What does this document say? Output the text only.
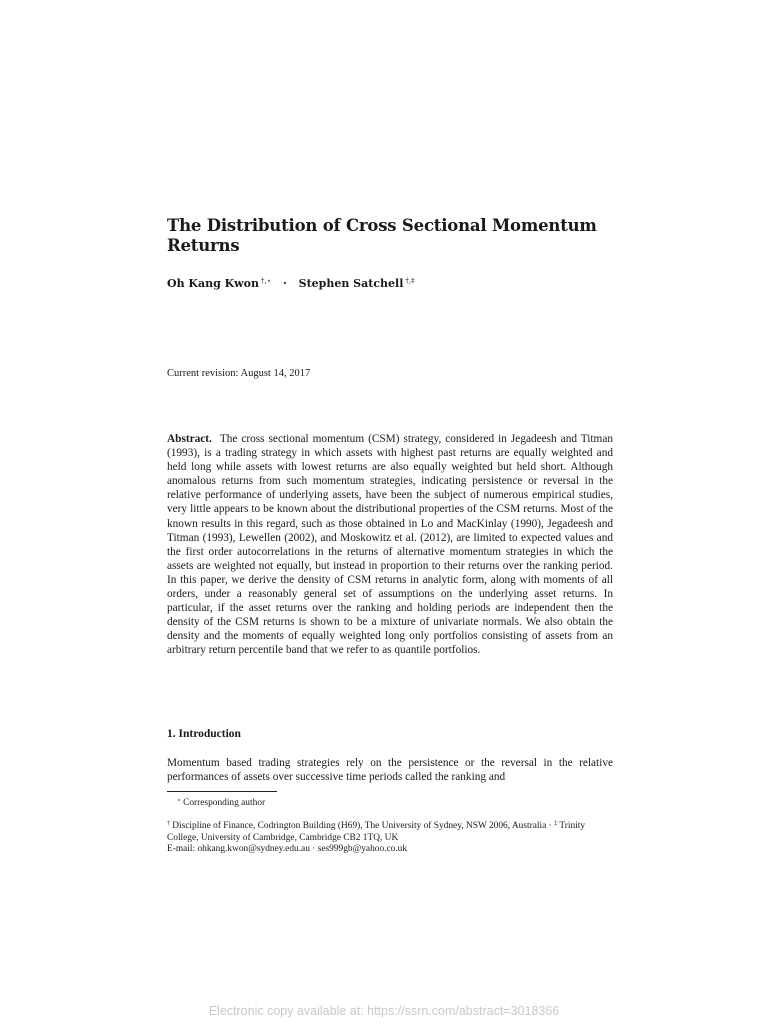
The Distribution of Cross Sectional Momentum Returns
Oh Kang Kwon †,⋆ · Stephen Satchell †,‡
Current revision: August 14, 2017

Abstract. The cross sectional momentum (CSM) strategy, considered in Jegadeesh and Titman (1993), is a trading strategy in which assets with highest past returns are equally weighted and held long while assets with lowest returns are also equally weighted but held short. Although anomalous returns from such momentum strategies, indicating persistence or reversal in the relative performance of underlying assets, have been the subject of numerous empirical studies, very little appears to be known about the distributional properties of the CSM returns. Most of the known results in this regard, such as those obtained in Lo and MacKinlay (1990), Jegadeesh and Titman (1993), Lewellen (2002), and Moskowitz et al. (2012), are limited to expected values and the first order autocorrelations in the returns of alternative momentum strategies in which the assets are weighted not equally, but instead in proportion to their returns over the ranking period. In this paper, we derive the density of CSM returns in analytic form, along with moments of all orders, under a reasonably general set of assumptions on the underlying asset returns. In particular, if the asset returns over the ranking and holding periods are independent then the density of the CSM returns is shown to be a mixture of univariate normals. We also obtain the density and the moments of equally weighted long only portfolios consisting of assets from an arbitrary return percentile band that we refer to as quantile portfolios.

1. Introduction

Momentum based trading strategies rely on the persistence or the reversal in the relative performances of assets over successive time periods called the ranking and

⋆ Corresponding author

† Discipline of Finance, Codrington Building (H69), The University of Sydney, NSW 2006, Australia · ‡ Trinity College, University of Cambridge, Cambridge CB2 1TQ, UK

E-mail: ohkang.kwon@sydney.edu.au · ses999gb@yahoo.co.uk

Electronic copy available at: https://ssrn.com/abstract=3018366
